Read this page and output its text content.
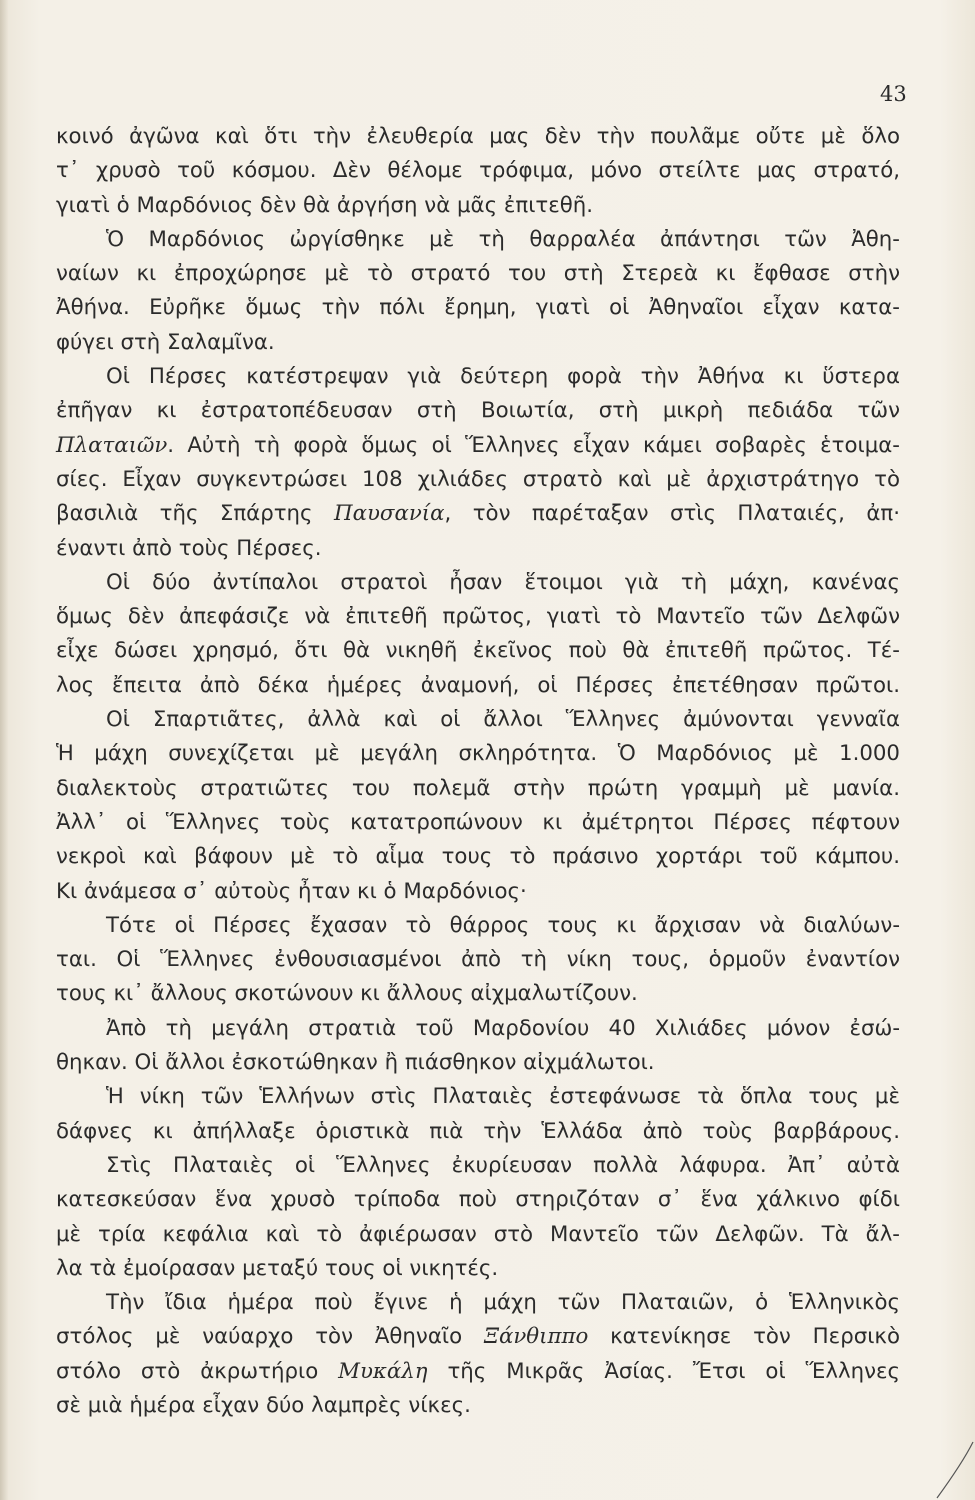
43
κοινό ἀγῶνα καὶ ὅτι τὴν ἐλευθερία μας δὲν τὴν πουλᾶμε οὔτε μὲ ὅλο
τ᾽ χρυσὸ τοῦ κόσμου. Δὲν θέλομε τρόφιμα, μόνο στείλτε μας στρατό,
γιατὶ ὁ Μαρδόνιος δὲν θὰ ἀργήση νὰ μᾶς ἐπιτεθῆ.
Ὁ Μαρδόνιος ὠργίσθηκε μὲ τὴ θαρραλέα ἀπάντησι τῶν Ἀθη-
ναίων κι ἐπροχώρησε μὲ τὸ στρατό του στὴ Στερεὰ κι ἔφθασε στὴν
Ἀθήνα. Εὐρῆκε ὅμως τὴν πόλι ἔρημη, γιατὶ οἱ Ἀθηναῖοι εἶχαν κατα-
φύγει στὴ Σαλαμῖνα.
Οἱ Πέρσες κατέστρεψαν γιὰ δεύτερη φορὰ τὴν Ἀθήνα κι ὕστερα
ἐπῆγαν κι ἐστρατοπέδευσαν στὴ Βοιωτία, στὴ μικρὴ πεδιάδα τῶν
Πλαταιῶν. Αὐτὴ τὴ φορὰ ὅμως οἱ Ἕλληνες εἶχαν κάμει σοβαρὲς ἑτοιμα-
σίες. Εἶχαν συγκεντρώσει 108 χιλιάδες στρατὸ καὶ μὲ ἀρχιστράτηγο τὸ
βασιλιὰ τῆς Σπάρτης Παυσανία, τὸν παρέταξαν στὶς Πλαταιές, ἀπ·
έναντι ἀπὸ τοὺς Πέρσες.
Οἱ δύο ἀντίπαλοι στρατοὶ ἦσαν ἕτοιμοι γιὰ τὴ μάχη, κανένας
ὅμως δὲν ἀπεφάσιζε νὰ ἐπιτεθῆ πρῶτος, γιατὶ τὸ Μαντεῖο τῶν Δελφῶν
εἶχε δώσει χρησμό, ὅτι θὰ νικηθῆ ἐκεῖνος ποὺ θὰ ἐπιτεθῆ πρῶτος. Τέ-
λος ἔπειτα ἀπὸ δέκα ἡμέρες ἀναμονή, οἱ Πέρσες ἐπετέθησαν πρῶτοι.
Οἱ Σπαρτιᾶτες, ἀλλὰ καὶ οἱ ἄλλοι Ἕλληνες ἀμύνονται γενναῖα
Ἡ μάχη συνεχίζεται μὲ μεγάλη σκληρότητα. Ὁ Μαρδόνιος μὲ 1.000
διαλεκτοὺς στρατιῶτες του πολεμᾶ στὴν πρώτη γραμμὴ μὲ μανία.
Ἀλλ᾽ οἱ Ἕλληνες τοὺς κατατροπώνουν κι ἀμέτρητοι Πέρσες πέφτουν
νεκροὶ καὶ βάφουν μὲ τὸ αἷμα τους τὸ πράσινο χορτάρι τοῦ κάμπου.
Κι ἀνάμεσα σ᾽ αὐτοὺς ἦταν κι ὁ Μαρδόνιος·
Τότε οἱ Πέρσες ἔχασαν τὸ θάρρος τους κι ἄρχισαν νὰ διαλύων-
ται. Οἱ Ἕλληνες ἐνθουσιασμένοι ἀπὸ τὴ νίκη τους, ὁρμοῦν ἐναντίον
τους κι᾽ ἄλλους σκοτώνουν κι ἄλλους αἰχμαλωτίζουν.
Ἀπὸ τὴ μεγάλη στρατιὰ τοῦ Μαρδονίου 40 Χιλιάδες μόνον ἐσώ-
θηκαν. Οἱ ἄλλοι ἐσκοτώθηκαν ἢ πιάσθηκον αἰχμάλωτοι.
Ἡ νίκη τῶν Ἑλλήνων στὶς Πλαταιὲς ἐστεφάνωσε τὰ ὅπλα τους μὲ
δάφνες κι ἀπήλλαξε ὁριστικὰ πιὰ τὴν Ἑλλάδα ἀπὸ τοὺς βαρβάρους.
Στὶς Πλαταιὲς οἱ Ἕλληνες ἐκυρίευσαν πολλὰ λάφυρα. Ἀπ᾽ αὐτὰ
κατεσκεύσαν ἕνα χρυσὸ τρίποδα ποὺ στηριζόταν σ᾽ ἕνα χάλκινο φίδι
μὲ τρία κεφάλια καὶ τὸ ἀφιέρωσαν στὸ Μαντεῖο τῶν Δελφῶν. Τὰ ἄλ-
λα τὰ ἐμοίρασαν μεταξύ τους οἱ νικητές.
Τὴν ἴδια ἡμέρα ποὺ ἔγινε ἡ μάχη τῶν Πλαταιῶν, ὁ Ἑλληνικὸς
στόλος μὲ ναύαρχο τὸν Ἀθηναῖο Ξάνθιππο κατενίκησε τὸν Περσικὸ
στόλο στὸ ἀκρωτήριο Μυκάλη τῆς Μικρᾶς Ἀσίας. Ἔτσι οἱ Ἕλληνες
σὲ μιὰ ἡμέρα εἶχαν δύο λαμπρὲς νίκες.
